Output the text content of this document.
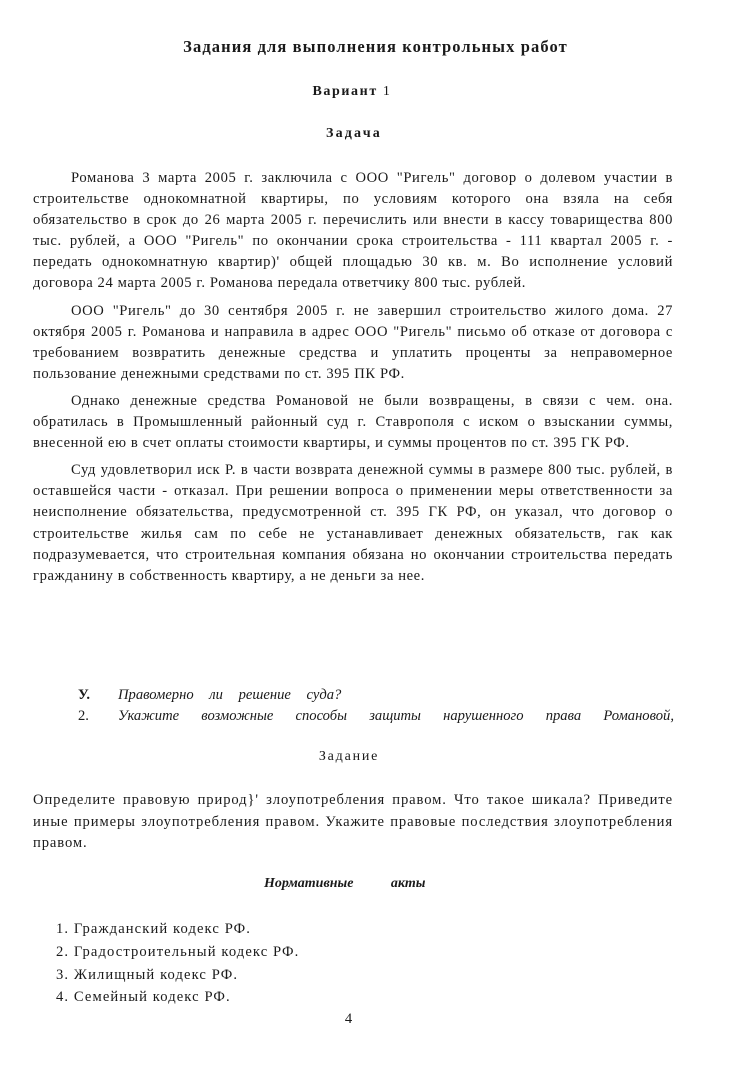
Задания для выполнения контрольных работ
Вариант 1
Задача

Романова 3 марта 2005 г. заключила с ООО "Ригель" договор о долевом участии в строительстве однокомнатной квартиры, по условиям которого она взяла на себя обязательство в срок до 26 марта 2005 г. перечислить или внести в кассу товарищества 800 тыс. рублей, а ООО "Ригель" по окончании срока строительства - 111 квартал 2005 г. - передать однокомнатную квартир)' общей площадью 30 кв. м. Во исполнение условий договора 24 марта 2005 г. Романова передала ответчику 800 тыс. рублей.

ООО "Ригель" до 30 сентября 2005 г. не завершил строительство жилого дома. 27 октября 2005 г. Романова и направила в адрес ООО "Ригель" письмо об отказе от договора с требованием возвратить денежные средства и уплатить проценты за неправомерное пользование денежными средствами по ст. 395 ПК РФ.

Однако денежные средства Романовой не были возвращены, в связи с чем. она. обратилась в Промышленный районный суд г. Ставрополя с иском о взыскании суммы, внесенной ею в счет оплаты стоимости квартиры, и суммы процентов по ст. 395 ГК РФ.

Суд удовлетворил иск Р. в части возврата денежной суммы в размере 800 тыс. рублей, в оставшейся части - отказал. При решении вопроса о применении меры ответственности за неисполнение обязательства, предусмотренной ст. 395 ГК РФ, он указал, что договор о строительстве жилья сам по себе не устанавливает денежных обязательств, гак как подразумевается, что строительная компания обязана но окончании строительства передать гражданину в собственность квартиру, а не деньги за нее.

У.	Правомерно ли решение суда?
2.	Укажите возможные способы защиты нарушенного права Романовой,
Задание
Определите правовую природ}' злоупотребления правом. Что такое шикала? Приведите иные примеры злоупотребления правом. Укажите правовые последствия злоупотребления правом.
Нормативные акты
1. Гражданский кодекс РФ.
2. Градостроительный кодекс РФ.
3. Жилищный кодекс РФ.
4. Семейный кодекс РФ.
4
